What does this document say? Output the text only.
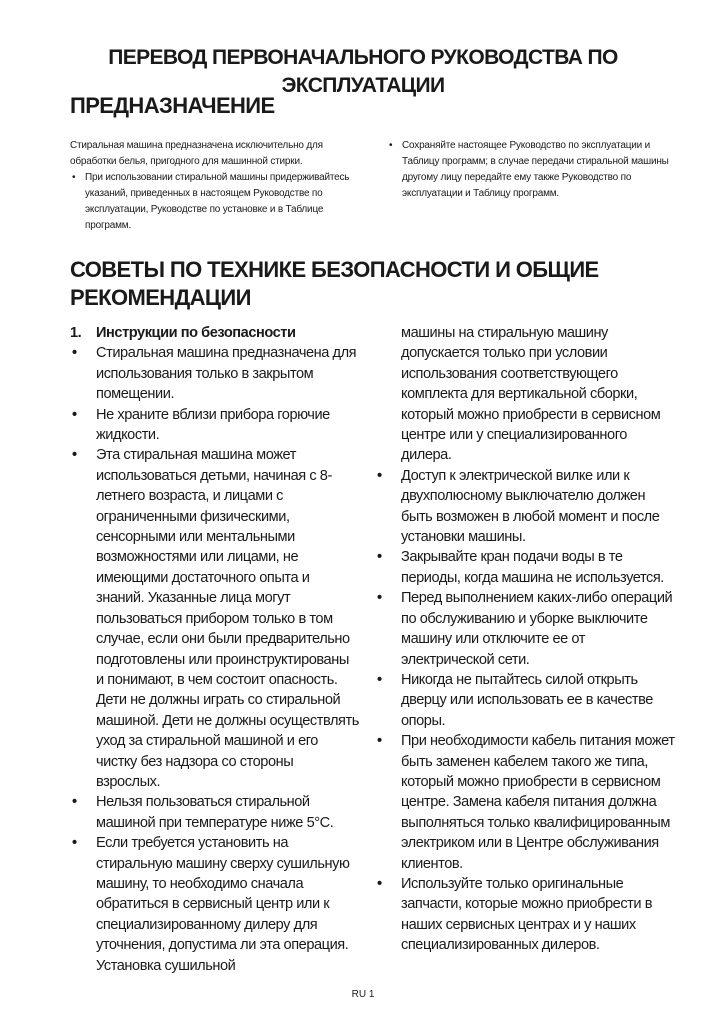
ПЕРЕВОД ПЕРВОНАЧАЛЬНОГО РУКОВОДСТВА ПО ЭКСПЛУАТАЦИИ
ПРЕДНАЗНАЧЕНИЕ

Стиральная машина предназначена исключительно для обработки белья, пригодного для машинной стирки.

• При использовании стиральной машины придерживайтесь указаний, приведенных в настоящем Руководстве по эксплуатации, Руководстве по установке и в Таблице программ.
• Сохраняйте настоящее Руководство по эксплуатации и Таблицу программ; в случае передачи стиральной машины другому лицу передайте ему также Руководство по эксплуатации и Таблицу программ.
СОВЕТЫ ПО ТЕХНИКЕ БЕЗОПАСНОСТИ И ОБЩИЕ РЕКОМЕНДАЦИИ
1. Инструкции по безопасности
• Стиральная машина предназначена для использования только в закрытом помещении.
• Не храните вблизи прибора горючие жидкости.
• Эта стиральная машина может использоваться детьми, начиная с 8-летнего возраста, и лицами с ограниченными физическими, сенсорными или ментальными возможностями или лицами, не имеющими достаточного опыта и знаний. Указанные лица могут пользоваться прибором только в том случае, если они были предварительно подготовлены или проинструктированы и понимают, в чем состоит опасность. Дети не должны играть со стиральной машиной. Дети не должны осуществлять уход за стиральной машиной и его чистку без надзора со стороны взрослых.
• Нельзя пользоваться стиральной машиной при температуре ниже 5°C.
• Если требуется установить на стиральную машину сверху сушильную машину, то необходимо сначала обратиться в сервисный центр или к специализированному дилеру для уточнения, допустима ли эта операция. Установка сушильной
машины на стиральную машину допускается только при условии использования соответствующего комплекта для вертикальной сборки, который можно приобрести в сервисном центре или у специализированного дилера.
• Доступ к электрической вилке или к двухполюсному выключателю должен быть возможен в любой момент и после установки машины.
• Закрывайте кран подачи воды в те периоды, когда машина не используется.
• Перед выполнением каких-либо операций по обслуживанию и уборке выключите машину или отключите ее от электрической сети.
• Никогда не пытайтесь силой открыть дверцу или использовать ее в качестве опоры.
• При необходимости кабель питания может быть заменен кабелем такого же типа, который можно приобрести в сервисном центре. Замена кабеля питания должна выполняться только квалифицированным электриком или в Центре обслуживания клиентов.
• Используйте только оригинальные запчасти, которые можно приобрести в наших сервисных центрах и у наших специализированных дилеров.
RU 1
